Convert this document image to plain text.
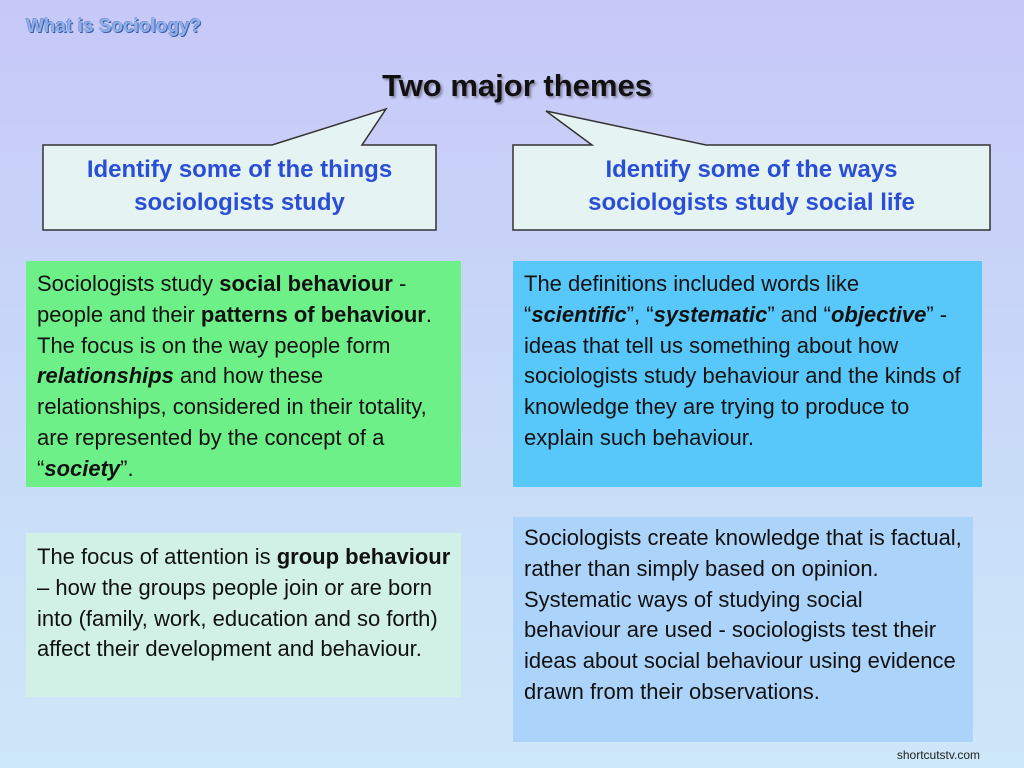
What is Sociology?
Two major themes
Identify some of the things
sociologists study
Identify some of the ways
sociologists study social life
Sociologists study social behaviour - people and their patterns of behaviour. The focus is on the way people form relationships and how these relationships, considered in their totality, are represented by the concept of a “society”.
The definitions included words like “scientific”, “systematic” and “objective” - ideas that tell us something about how sociologists study behaviour and the kinds of knowledge they are trying to produce to explain such behaviour.
The focus of attention is group behaviour – how the groups people join or are born into (family, work, education and so forth) affect their development and behaviour.
Sociologists create knowledge that is factual, rather than simply based on opinion. Systematic ways of studying social behaviour are used - sociologists test their ideas about social behaviour using evidence drawn from their observations.
shortcutstv.com
